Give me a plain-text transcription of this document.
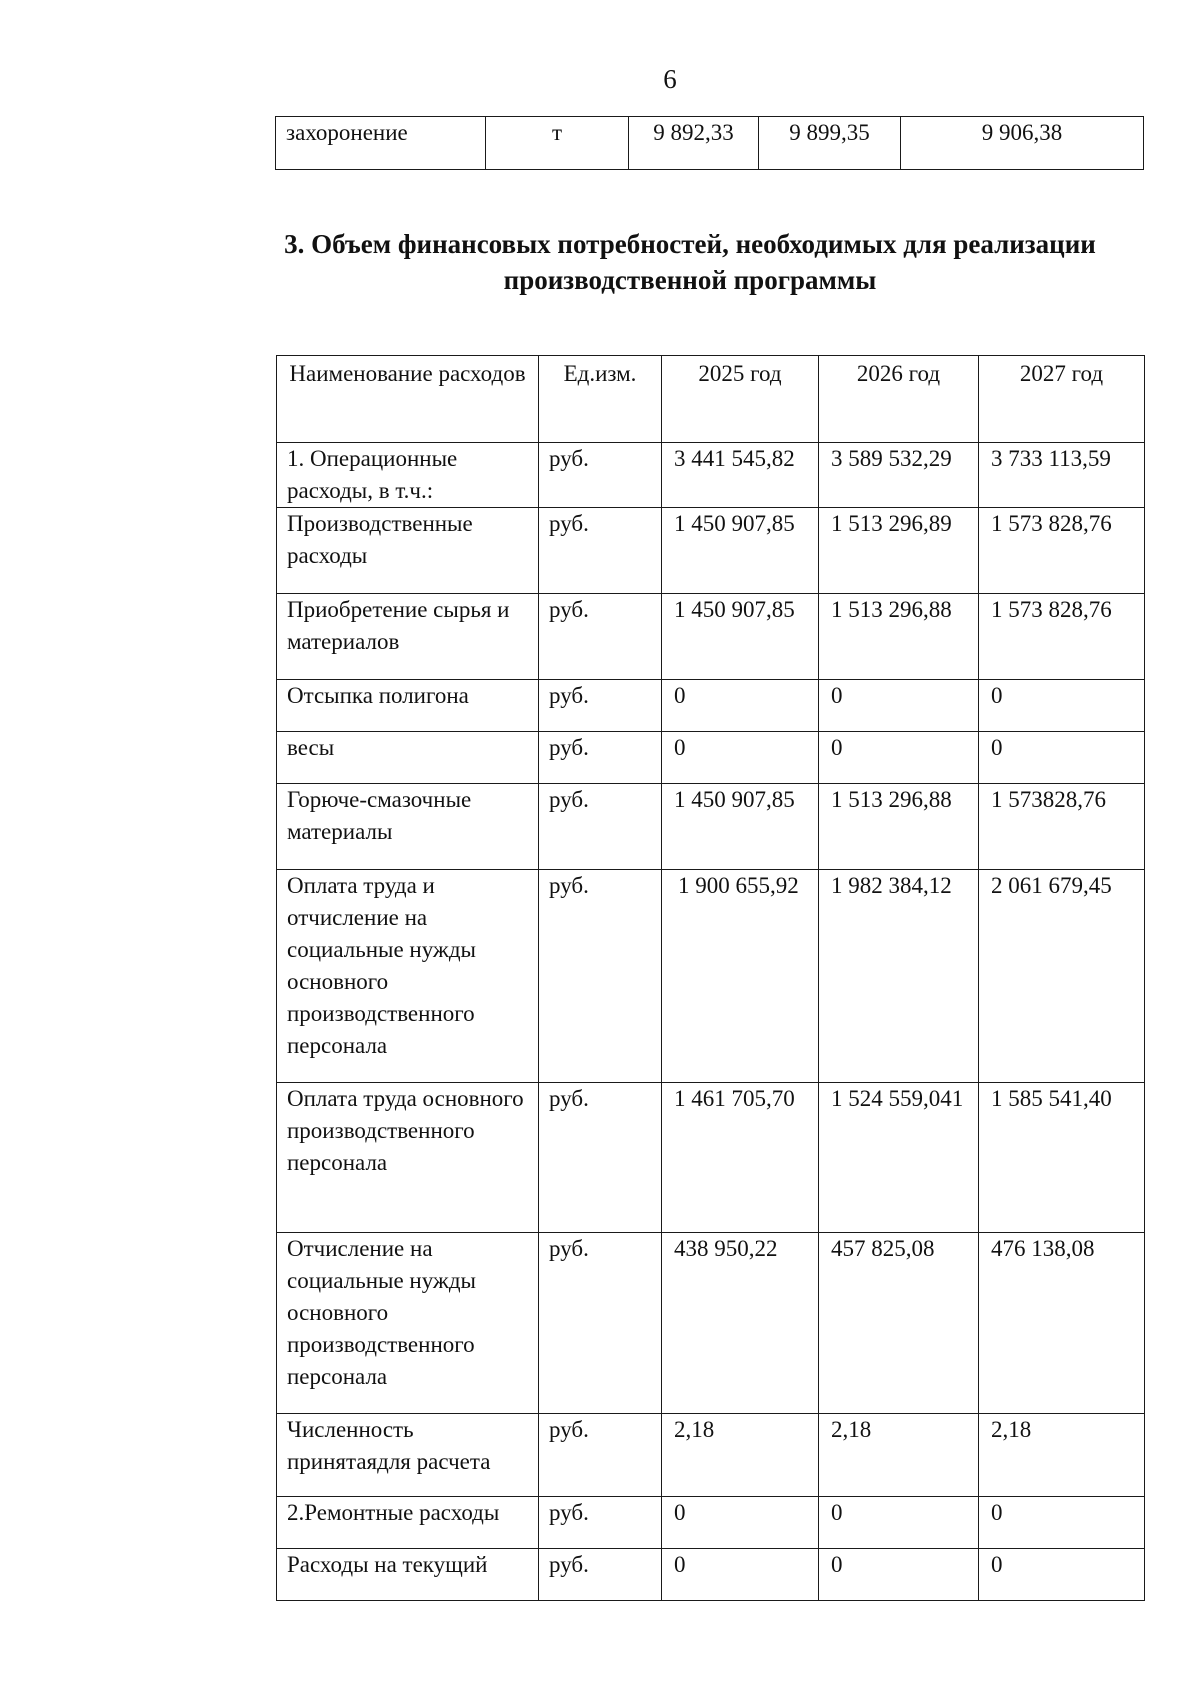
6
захоронение	т	9 892,33	9 899,35	9 906,38
3. Объем финансовых потребностей, необходимых для реализации производственной программы
Наименование расходов	Ед.изм.	2025 год	2026 год	2027 год
1. Операционные расходы, в т.ч.:	руб.	3 441 545,82	3 589 532,29	3 733 113,59
Производственные расходы	руб.	1 450 907,85	1 513 296,89	1 573 828,76
Приобретение сырья и материалов	руб.	1 450 907,85	1 513 296,88	1 573 828,76
Отсыпка полигона	руб.	0	0	0
весы	руб.	0	0	0
Горюче-смазочные материалы	руб.	1 450 907,85	1 513 296,88	1 573828,76
Оплата труда и отчисление на социальные нужды основного производственного персонала	руб.	1 900 655,92	1 982 384,12	2 061 679,45
Оплата труда основного производственного персонала	руб.	1 461 705,70	1 524 559,041	1 585 541,40
Отчисление на социальные нужды основного производственного персонала	руб.	438 950,22	457 825,08	476 138,08
Численность принятаядля расчета	руб.	2,18	2,18	2,18
2.Ремонтные расходы	руб.	0	0	0
Расходы на текущий	руб.	0	0	0
